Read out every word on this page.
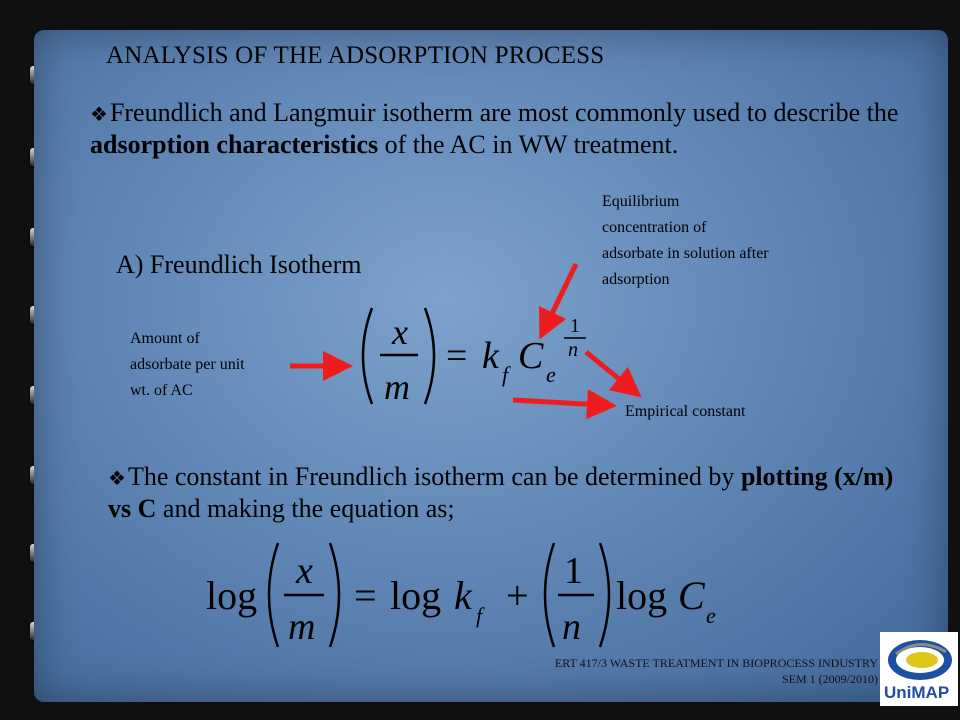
ANALYSIS OF THE ADSORPTION PROCESS
❖Freundlich and Langmuir isotherm are most commonly used to describe the adsorption characteristics of the AC in WW treatment.
A) Freundlich Isotherm
Amount of
adsorbate per unit
wt. of AC
Equilibrium
concentration of
adsorbate in solution after
adsorption
Empirical constant
x
m
= k f C e
1
n
❖The constant in Freundlich isotherm can be determined by plotting (x/m) vs C and making the equation as;
log
x
m
= log k f +
1
n
log C e
ERT 417/3 WASTE TREATMENT IN BIOPROCESS INDUSTRY
SEM 1 (2009/2010)
UniMAP
